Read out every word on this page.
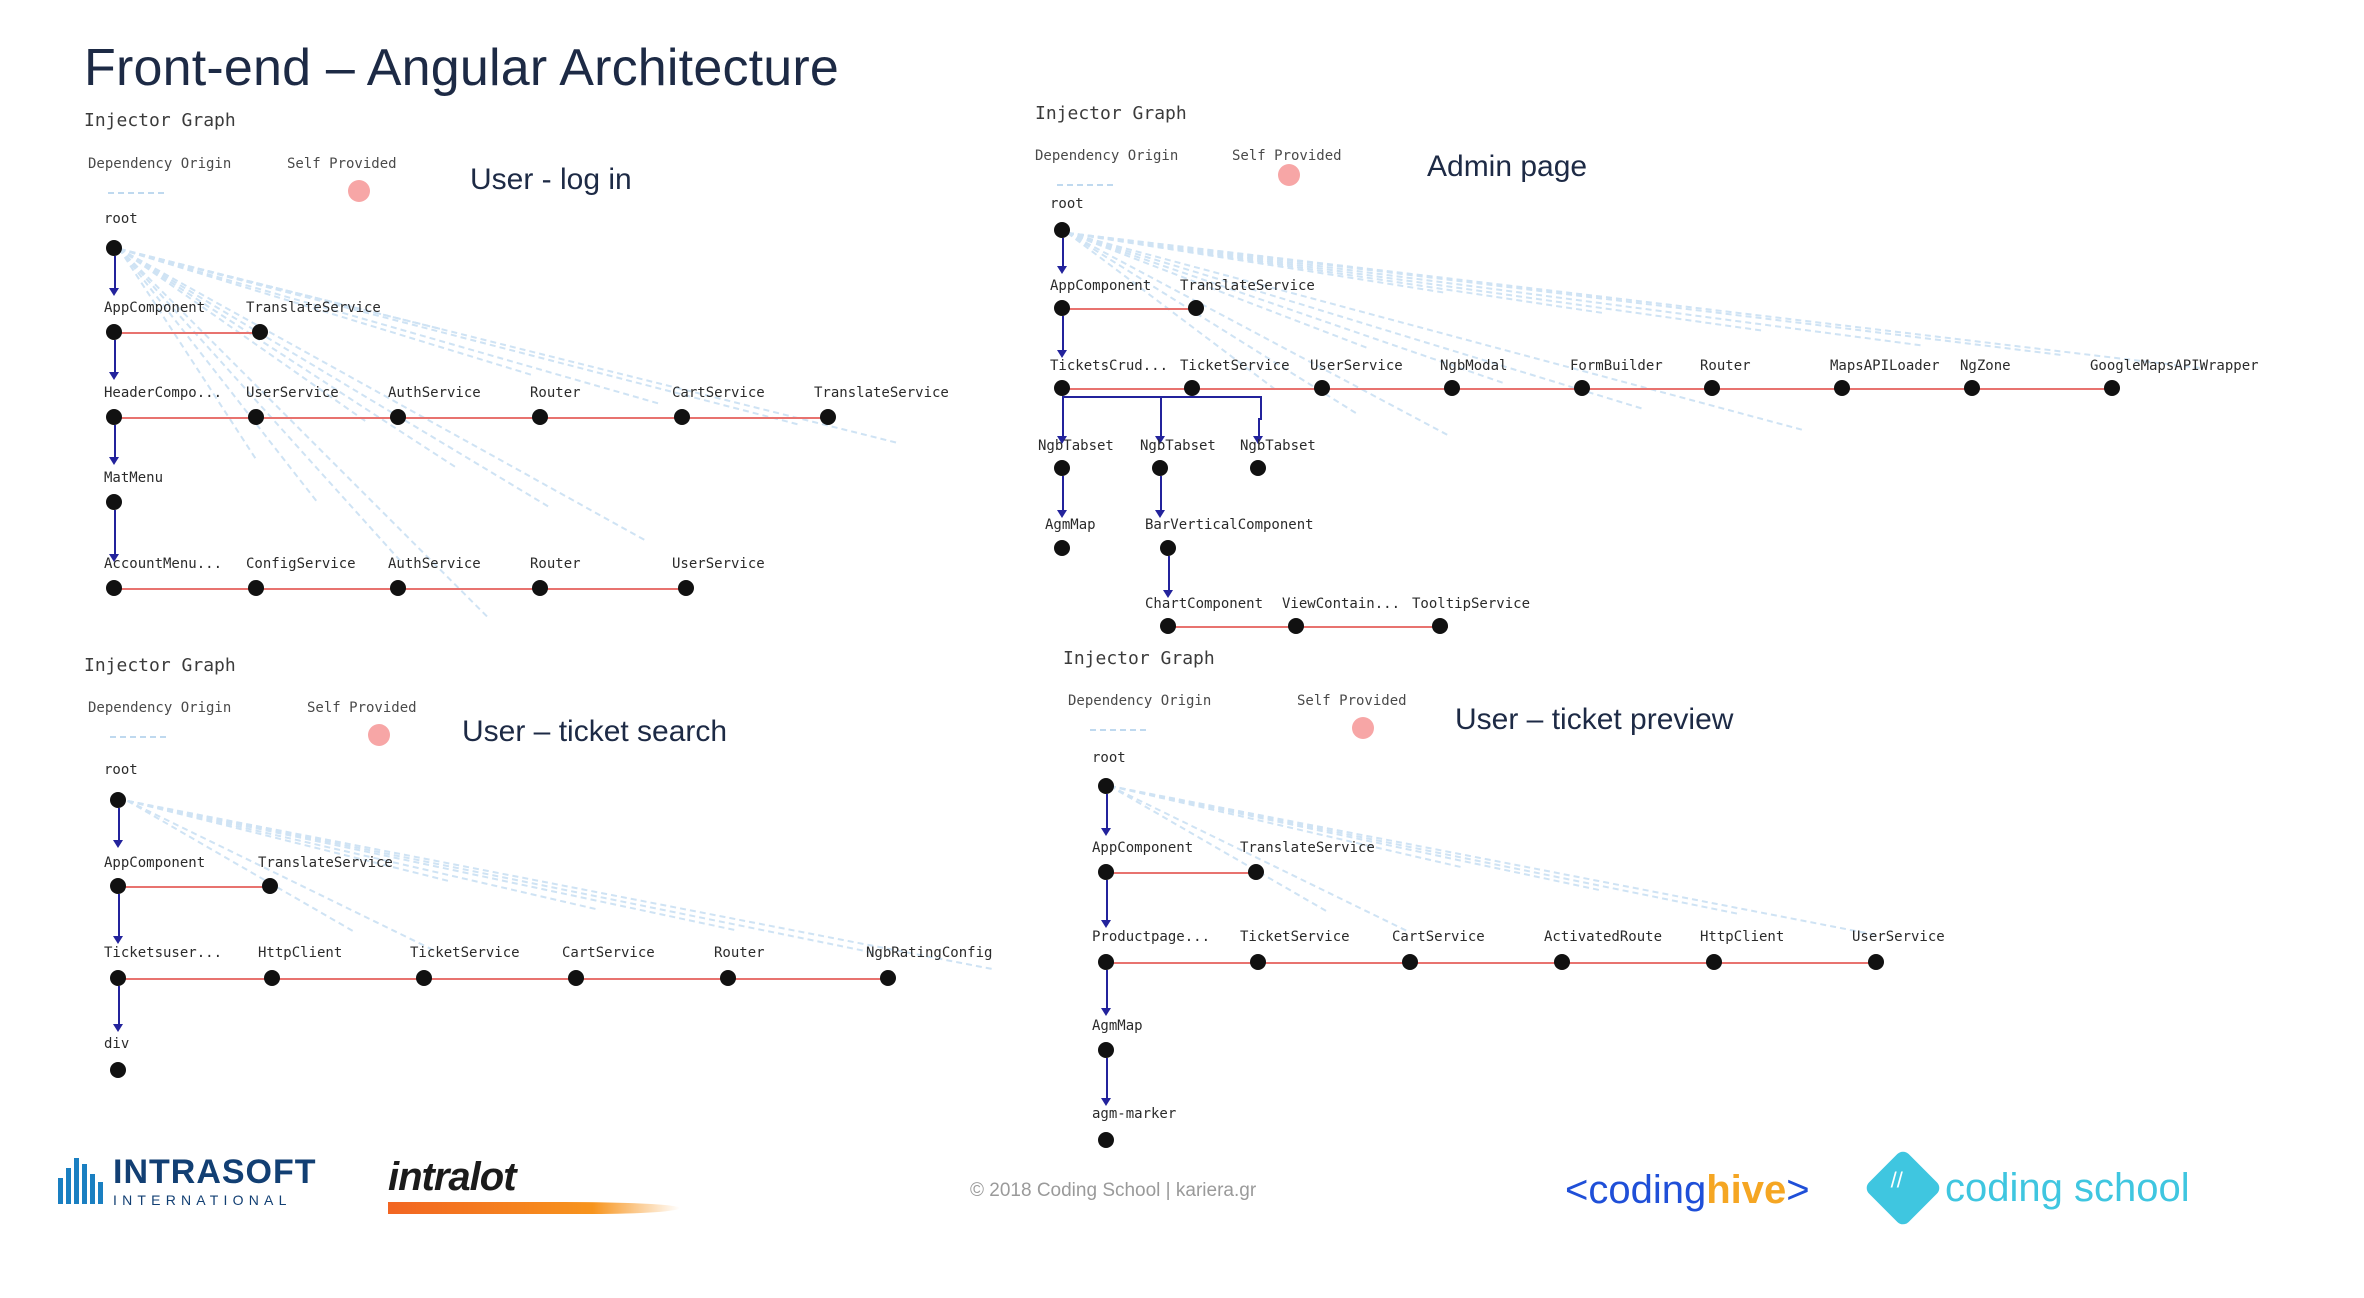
Front-end – Angular Architecture
Injector Graph
Dependency Origin	Self Provided User - log in
root
AppComponent	TranslateService
HeaderCompo... UserService	AuthService	Router	CartService	TranslateService
MatMenu
AccountMenu... ConfigService AuthService	Router	UserService
Injector Graph
Dependency Origin	Self Provided	Admin page
root
AppComponent TranslateService
TicketsCrud... TicketService UserService	NgbModal	FormBuilder	Router	MapsAPILoader NgZone	GoogleMapsAPIWrapper
NgbTabset NgbTabset NgbTabset
AgmMap	BarVerticalComponent
ChartComponent ViewContain... TooltipService
Injector Graph
Dependency Origin	Self Provided
User – ticket search
root
AppComponent	TranslateService
Ticketsuser...	HttpClient	TicketService	CartService	Router	NgbRatingConfig
div
Injector Graph
Dependency Origin	Self Provided
User – ticket preview
root
AppComponent	TranslateService
Productpage... TicketService	CartService	ActivatedRoute	HttpClient	UserService
AgmMap
agm-marker
© 2018 Coding School | kariera.gr
INTRASOFT
INTERNATIONAL
intralot	<codinghive>	// coding school
